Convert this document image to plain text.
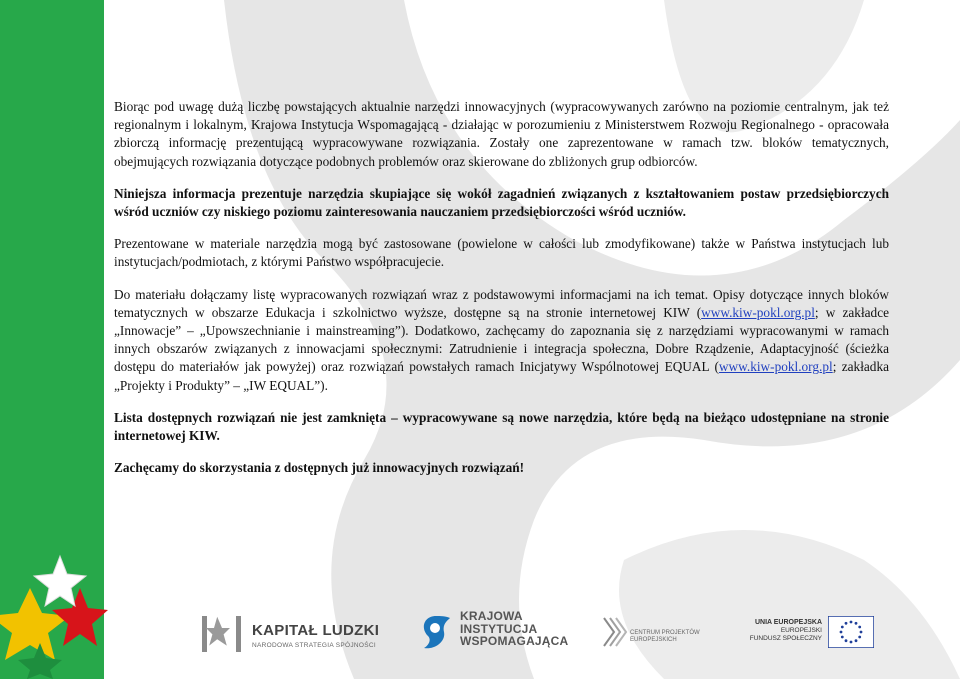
Biorąc pod uwagę dużą liczbę powstających aktualnie narzędzi innowacyjnych (wypracowywanych zarówno na poziomie centralnym, jak też regionalnym i lokalnym, Krajowa Instytucja Wspomagającą - działając w porozumieniu z Ministerstwem Rozwoju Regionalnego - opracowała zbiorczą informację prezentującą wypracowywane rozwiązania. Zostały one zaprezentowane w ramach tzw. bloków tematycznych, obejmujących rozwiązania dotyczące podobnych problemów oraz skierowane do zbliżonych grup odbiorców.

Niniejsza informacja prezentuje narzędzia skupiające się wokół zagadnień związanych z kształtowaniem postaw przedsiębiorczych wśród uczniów czy niskiego poziomu zainteresowania nauczaniem przedsiębiorczości wśród uczniów.

Prezentowane w materiale narzędzia mogą być zastosowane (powielone w całości lub zmodyfikowane) także w Państwa instytucjach lub instytucjach/podmiotach, z którymi Państwo współpracujecie.

Do materiału dołączamy listę wypracowanych rozwiązań wraz z podstawowymi informacjami na ich temat. Opisy dotyczące innych bloków tematycznych w obszarze Edukacja i szkolnictwo wyższe, dostępne są na stronie internetowej KIW (www.kiw-pokl.org.pl; w zakładce „Innowacje” – „Upowszechnianie i mainstreaming”). Dodatkowo, zachęcamy do zapoznania się z narzędziami wypracowanymi w ramach innych obszarów związanych z innowacjami społecznymi: Zatrudnienie i integracja społeczna, Dobre Rządzenie, Adaptacyjność (ścieżka dostępu do materiałów jak powyżej) oraz rozwiązań powstałych ramach Inicjatywy Wspólnotowej EQUAL (www.kiw-pokl.org.pl; zakładka „Projekty i Produkty” – „IW EQUAL”).

Lista dostępnych rozwiązań nie jest zamknięta – wypracowywane są nowe narzędzia, które będą na bieżąco udostępniane na stronie internetowej KIW.

Zachęcamy do skorzystania z dostępnych już innowacyjnych rozwiązań!

KAPITAŁ LUDZKI
NARODOWA STRATEGIA SPÓJNOŚCI
KRAJOWA
INSTYTUCJA
WSPOMAGAJĄCA
CENTRUM PROJEKTÓW
EUROPEJSKICH
UNIA EUROPEJSKA
EUROPEJSKI
FUNDUSZ SPOŁECZNY
